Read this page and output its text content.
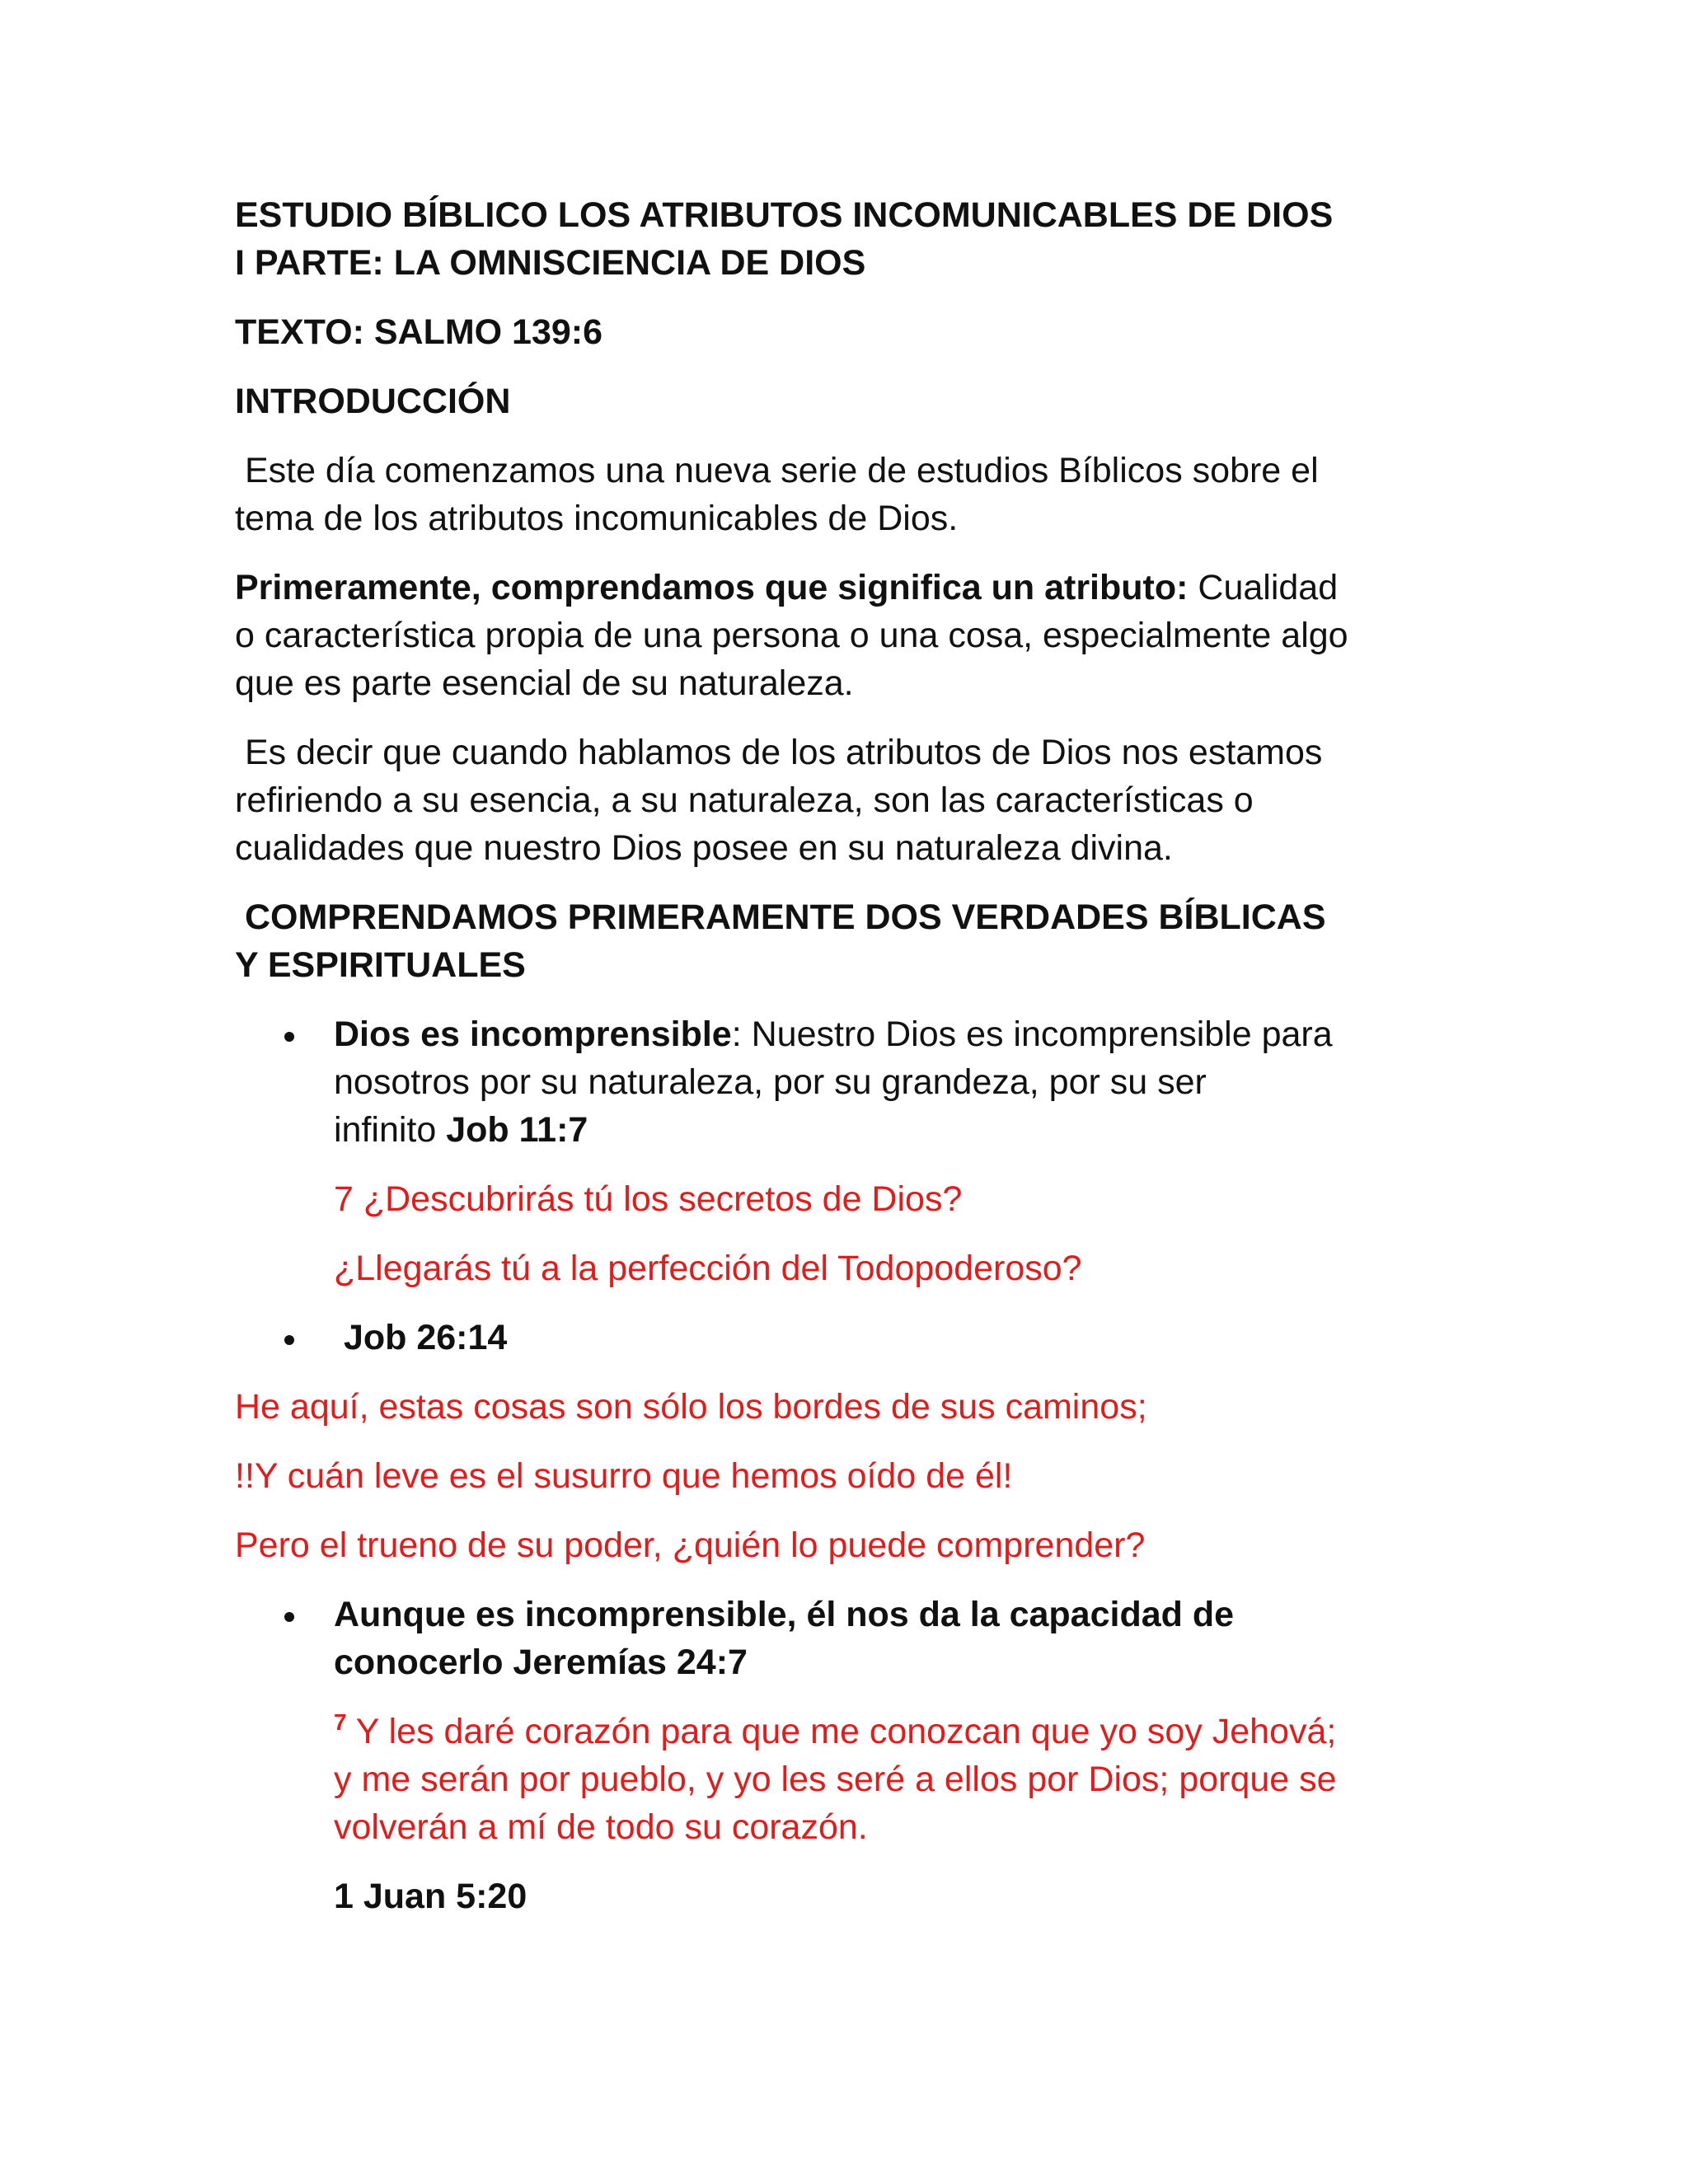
ESTUDIO BÍBLICO LOS ATRIBUTOS INCOMUNICABLES DE DIOS

I PARTE: LA OMNISCIENCIA DE DIOS

TEXTO: SALMO 139:6

INTRODUCCIÓN

Este día comenzamos una nueva serie de estudios Bíblicos sobre el

tema de los atributos incomunicables de Dios.

Primeramente, comprendamos que significa un atributo: Cualidad

o característica propia de una persona o una cosa, especialmente algo

que es parte esencial de su naturaleza.

Es decir que cuando hablamos de los atributos de Dios nos estamos

refiriendo a su esencia, a su naturaleza, son las características o

cualidades que nuestro Dios posee en su naturaleza divina.

COMPRENDAMOS PRIMERAMENTE DOS VERDADES BÍBLICAS

Y ESPIRITUALES

Dios es incomprensible: Nuestro Dios es incomprensible para

nosotros por su naturaleza, por su grandeza, por su ser

infinito Job 11:7

7 ¿Descubrirás tú los secretos de Dios?

¿Llegarás tú a la perfección del Todopoderoso?

Job 26:14

He aquí, estas cosas son sólo los bordes de sus caminos;

!!Y cuán leve es el susurro que hemos oído de él!

Pero el trueno de su poder, ¿quién lo puede comprender?

Aunque es incomprensible, él nos da la capacidad de

conocerlo Jeremías 24:7

$^7$ Y les daré corazón para que me conozcan que yo soy Jehová;

y me serán por pueblo, y yo les seré a ellos por Dios; porque se

volverán a mí de todo su corazón.

1 Juan 5:20
